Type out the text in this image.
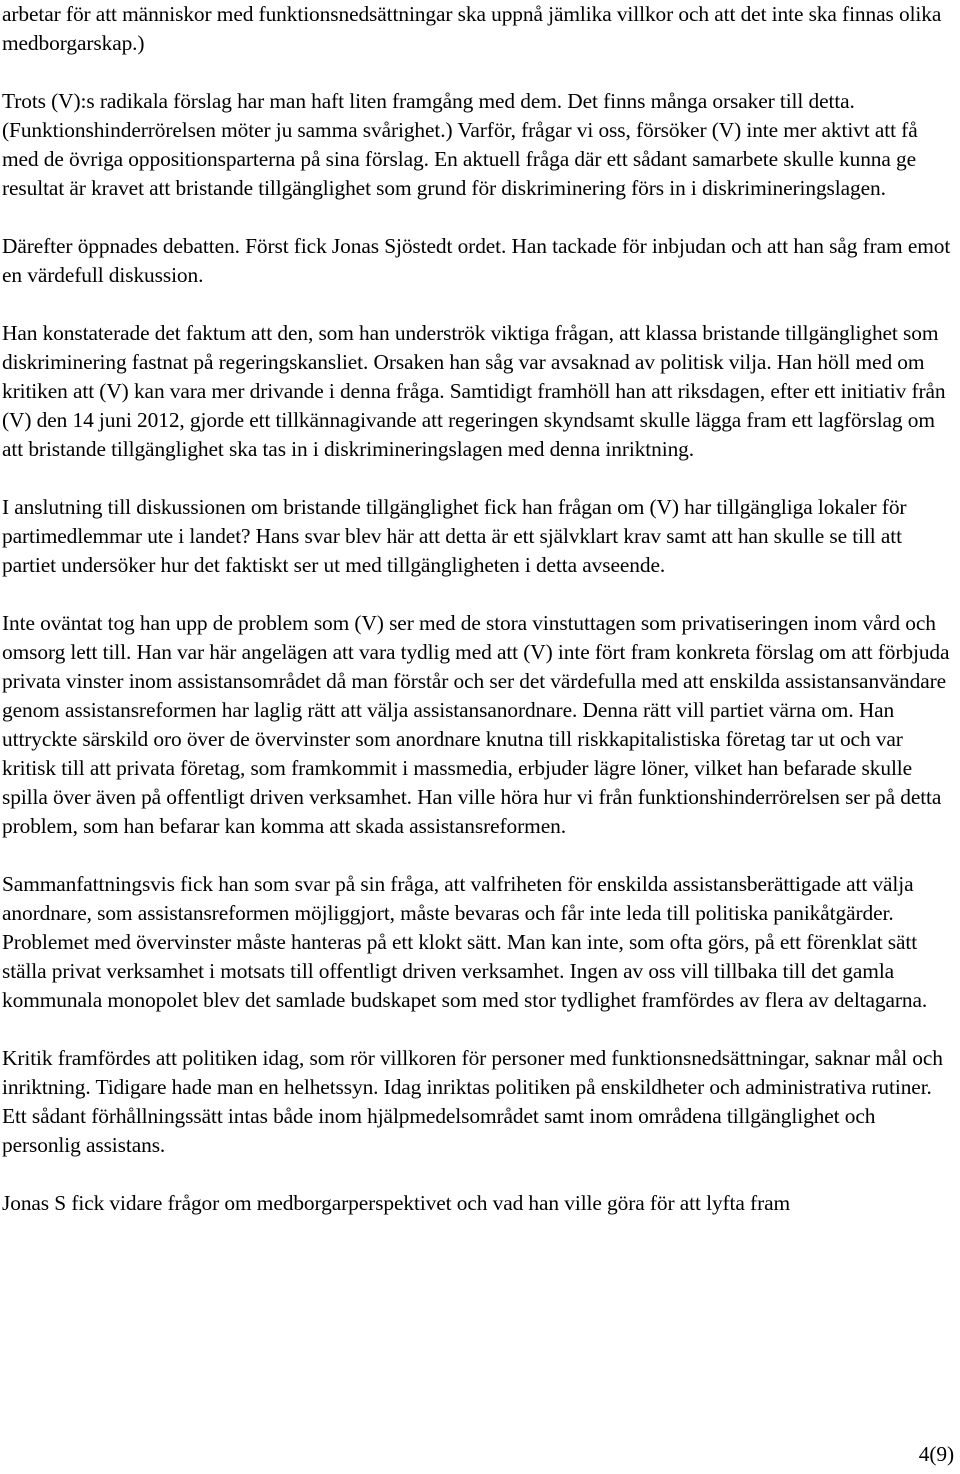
arbetar för att människor med funktionsnedsättningar ska uppnå jämlika villkor och att det inte ska finnas olika medborgarskap.)

Trots (V):s radikala förslag har man haft liten framgång med dem. Det finns många orsaker till detta. (Funktionshinderrörelsen möter ju samma svårighet.) Varför, frågar vi oss, försöker (V) inte mer aktivt att få med de övriga oppositionsparterna på sina förslag. En aktuell fråga där ett sådant samarbete skulle kunna ge resultat är kravet att bristande tillgänglighet som grund för diskriminering förs in i diskrimineringslagen.

Därefter öppnades debatten. Först fick Jonas Sjöstedt ordet. Han tackade för inbjudan och att han såg fram emot en värdefull diskussion.

Han konstaterade det faktum att den, som han underströk viktiga frågan, att klassa bristande tillgänglighet som diskriminering fastnat på regeringskansliet. Orsaken han såg var avsaknad av politisk vilja. Han höll med om kritiken att (V) kan vara mer drivande i denna fråga. Samtidigt framhöll han att riksdagen, efter ett initiativ från (V) den 14 juni 2012, gjorde ett tillkännagivande att regeringen skyndsamt skulle lägga fram ett lagförslag om att bristande tillgänglighet ska tas in i diskrimineringslagen med denna inriktning.

I anslutning till diskussionen om bristande tillgänglighet fick han frågan om (V) har tillgängliga lokaler för partimedlemmar ute i landet? Hans svar blev här att detta är ett självklart krav samt att han skulle se till att partiet undersöker hur det faktiskt ser ut med tillgängligheten i detta avseende.

Inte oväntat tog han upp de problem som (V) ser med de stora vinstuttagen som privatiseringen inom vård och omsorg lett till. Han var här angelägen att vara tydlig med att (V) inte fört fram konkreta förslag om att förbjuda privata vinster inom assistansområdet då man förstår och ser det värdefulla med att enskilda assistansanvändare genom assistansreformen har laglig rätt att välja assistansanordnare. Denna rätt vill partiet värna om. Han uttryckte särskild oro över de övervinster som anordnare knutna till riskkapitalistiska företag tar ut och var kritisk till att privata företag, som framkommit i massmedia, erbjuder lägre löner, vilket han befarade skulle spilla över även på offentligt driven verksamhet. Han ville höra hur vi från funktionshinderrörelsen ser på detta problem, som han befarar kan komma att skada assistansreformen.

Sammanfattningsvis fick han som svar på sin fråga, att valfriheten för enskilda assistansberättigade att välja anordnare, som assistansreformen möjliggjort, måste bevaras och får inte leda till politiska panikåtgärder. Problemet med övervinster måste hanteras på ett klokt sätt. Man kan inte, som ofta görs, på ett förenklat sätt ställa privat verksamhet i motsats till offentligt driven verksamhet. Ingen av oss vill tillbaka till det gamla kommunala monopolet blev det samlade budskapet som med stor tydlighet framfördes av flera av deltagarna.

Kritik framfördes att politiken idag, som rör villkoren för personer med funktionsnedsättningar, saknar mål och inriktning. Tidigare hade man en helhetssyn. Idag inriktas politiken på enskildheter och administrativa rutiner. Ett sådant förhållningssätt intas både inom hjälpmedelsområdet samt inom områdena tillgänglighet och personlig assistans.

Jonas S fick vidare frågor om medborgarperspektivet och vad han ville göra för att lyfta fram

4(9)
